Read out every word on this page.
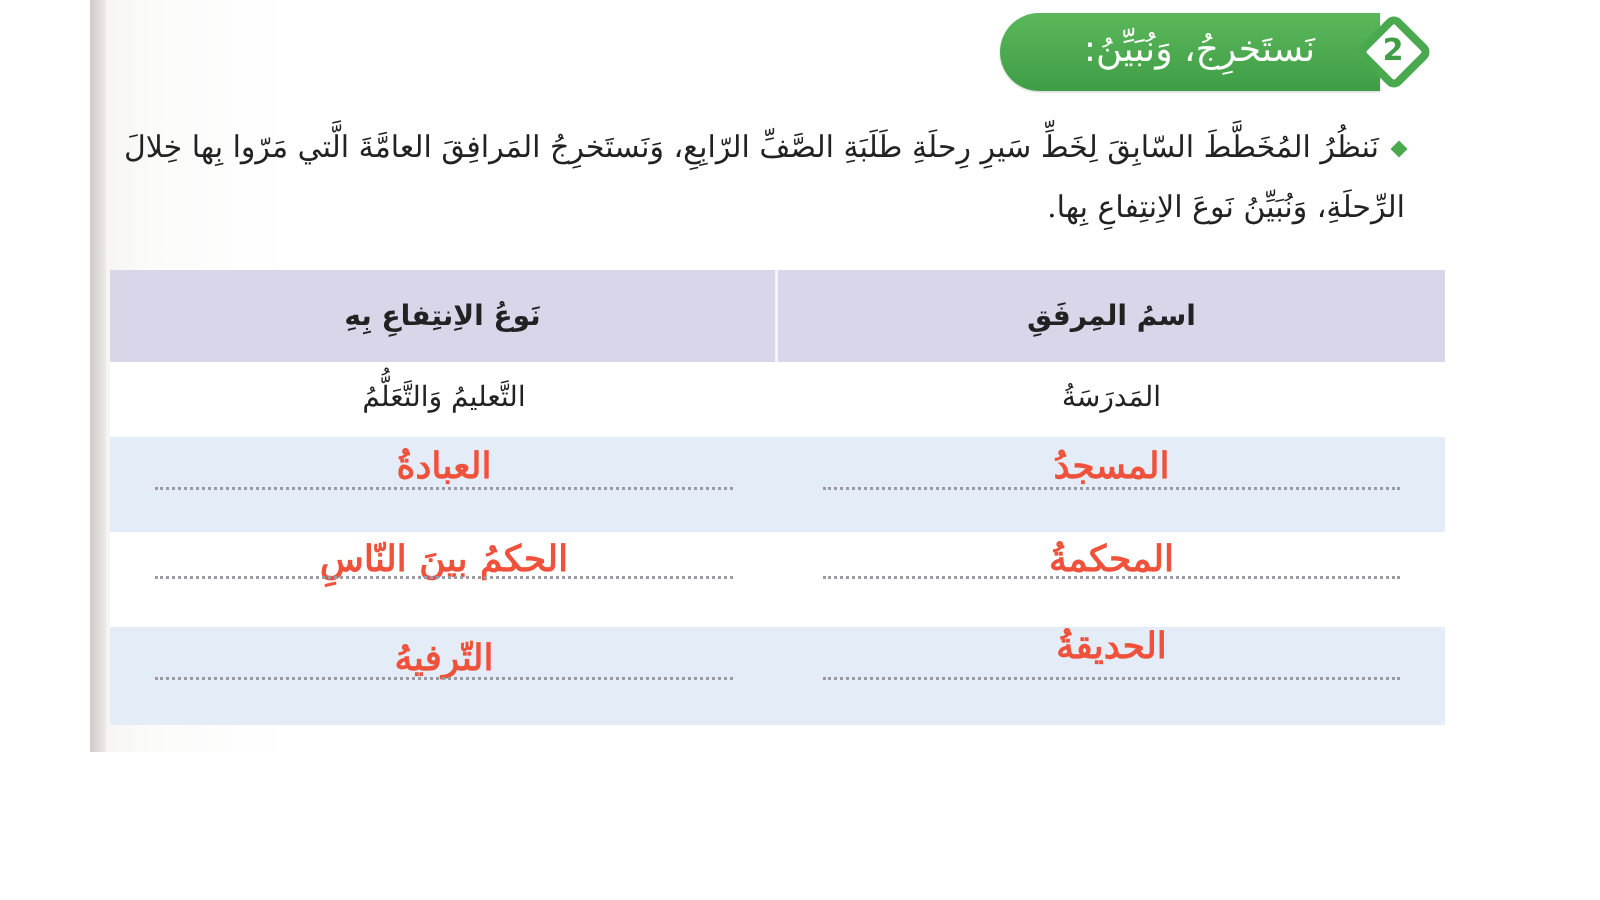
2
نَستَخرِجُ، وَنُبَيِّنُ:
نَنظُرُ المُخَطَّطَ السّابِقَ لِخَطِّ سَيرِ رِحلَةِ طَلَبَةِ الصَّفِّ الرّابِعِ، وَنَستَخرِجُ المَرافِقَ العامَّةَ الَّتي مَرّوا بِها خِلالَ الرِّحلَةِ، وَنُبَيِّنُ نَوعَ الاِنتِفاعِ بِها.
اسمُ المِرفَقِ
نَوعُ الاِنتِفاعِ بِهِ
المَدرَسَةُ
التَّعليمُ وَالتَّعَلُّمُ
المسجدُ
العبادةُ
المحكمةُ
الحكمُ بينَ النّاسِ
الحديقةُ
التّرفيهُ
